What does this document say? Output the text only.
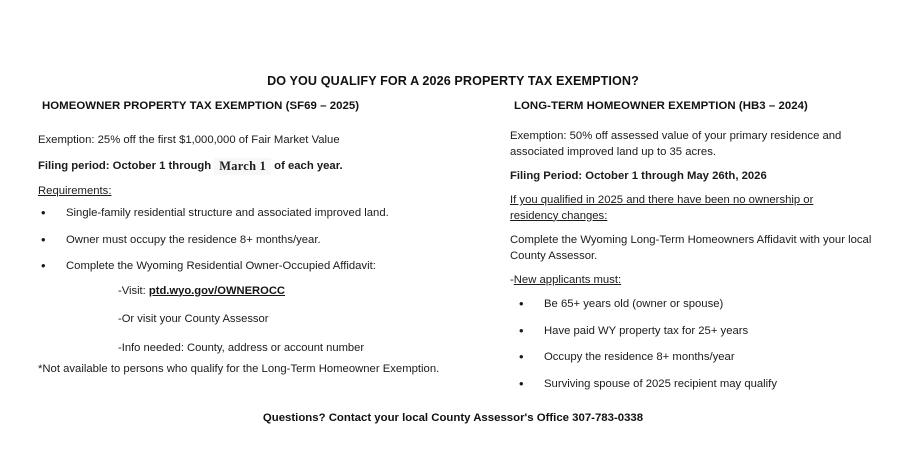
DO YOU QUALIFY FOR A 2026 PROPERTY TAX EXEMPTION?
HOMEOWNER PROPERTY TAX EXEMPTION (SF69 – 2025)
Exemption: 25% off the first $1,000,000 of Fair Market Value
Filing period: October 1 through March 1 of each year.
Requirements:
• Single-family residential structure and associated improved land.
• Owner must occupy the residence 8+ months/year.
• Complete the Wyoming Residential Owner-Occupied Affidavit:
-Visit: ptd.wyo.gov/OWNEROCC
-Or visit your County Assessor
-Info needed: County, address or account number
*Not available to persons who qualify for the Long-Term Homeowner Exemption.
LONG-TERM HOMEOWNER EXEMPTION (HB3 – 2024)
Exemption: 50% off assessed value of your primary residence and associated improved land up to 35 acres.
Filing Period: October 1 through May 26th, 2026
If you qualified in 2025 and there have been no ownership or residency changes:
Complete the Wyoming Long-Term Homeowners Affidavit with your local County Assessor.
-New applicants must:
• Be 65+ years old (owner or spouse)
• Have paid WY property tax for 25+ years
• Occupy the residence 8+ months/year
• Surviving spouse of 2025 recipient may qualify
Questions? Contact your local County Assessor's Office 307-783-0338
